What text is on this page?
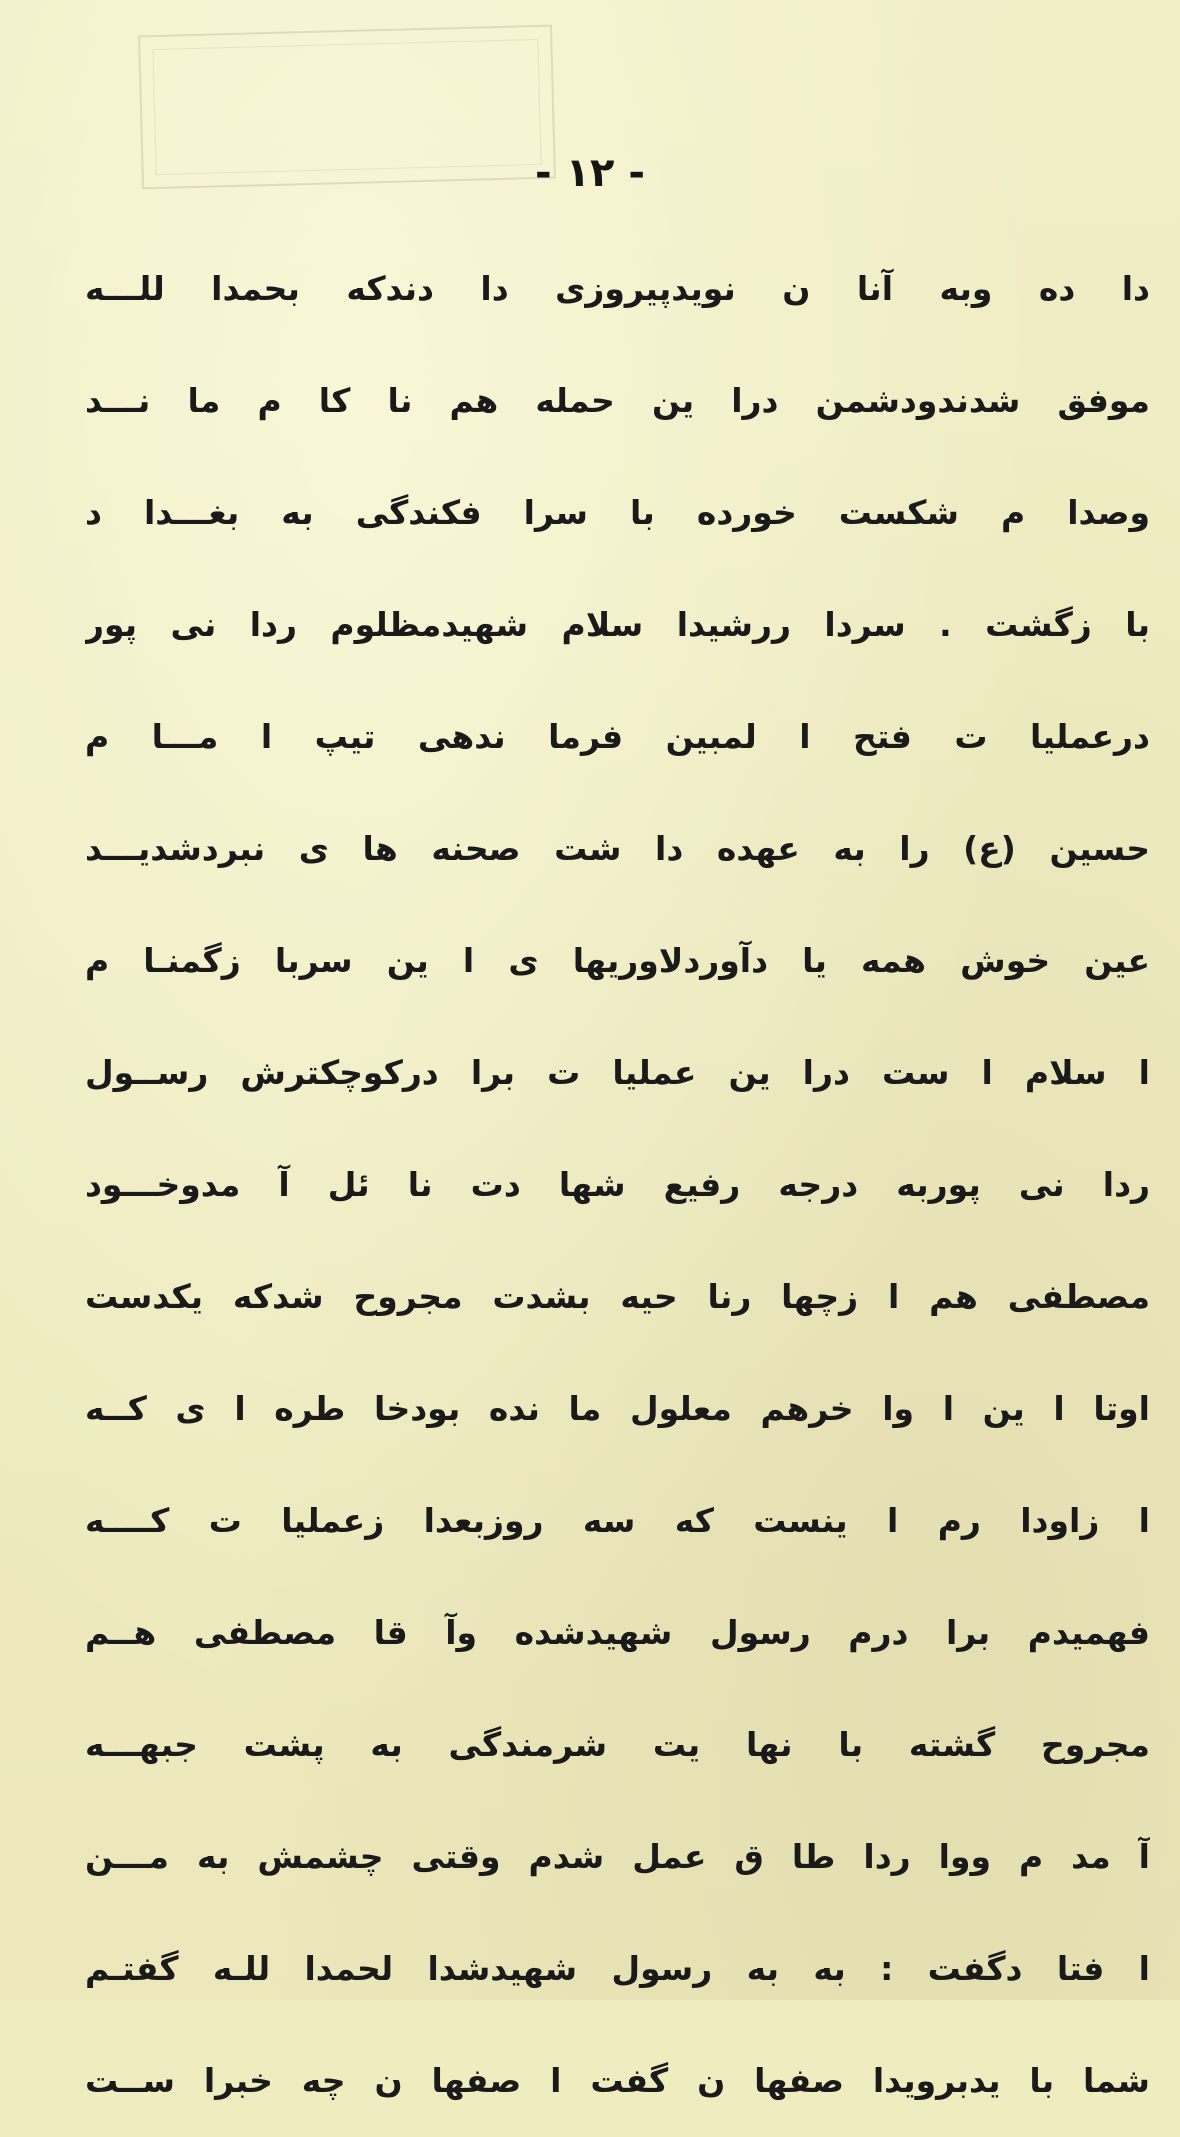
- ۱۲ -
دا ده وبه آنا ن نویدپیروزی دا دندکه بحمدا للـــه
موفق شدندودشمن درا ین حمله هم نا کا م ما نـــد
وصدا م شکست خورده با سرا فکندگی به بغـــدا د
با زگشت . سردا ررشیدا سلام شهیدمظلوم ردا نی پور
درعملیا ت فتح ا لمبین فرما ندهی تیپ ا مـــا م
حسین (ع) را به عهده دا شت صحنه ها ی نبردشدیـــد
عین خوش همه یا دآوردلاوریها ی ا ین سربا زگمنـا م
ا سلام ا ست درا ین عملیا ت برا درکوچکترش رســول
ردا نی پوربه درجه رفیع شها دت نا ئل آ مدوخـــود
مصطفی هم ا زچها رنا حیه بشدت مجروح شدکه یکدست
اوتا ا ین ا وا خرهم معلول ما نده بودخا طره ا ی کــه
ا زاودا رم ا ینست که سه روزبعدا زعملیا ت کــــه
فهمیدم برا درم رسول شهیدشده وآ قا مصطفی هــم
مجروح گشته با نها یت شرمندگی به پشت جبهـــه
آ مد م ووا ردا طا ق عمل شدم وقتی چشمش به مـــن
ا فتا دگفت : به به رسول شهیدشدا لحمدا للـه گفتـم
شما با یدبرویدا صفها ن گفت ا صفها ن چه خبرا ســت
